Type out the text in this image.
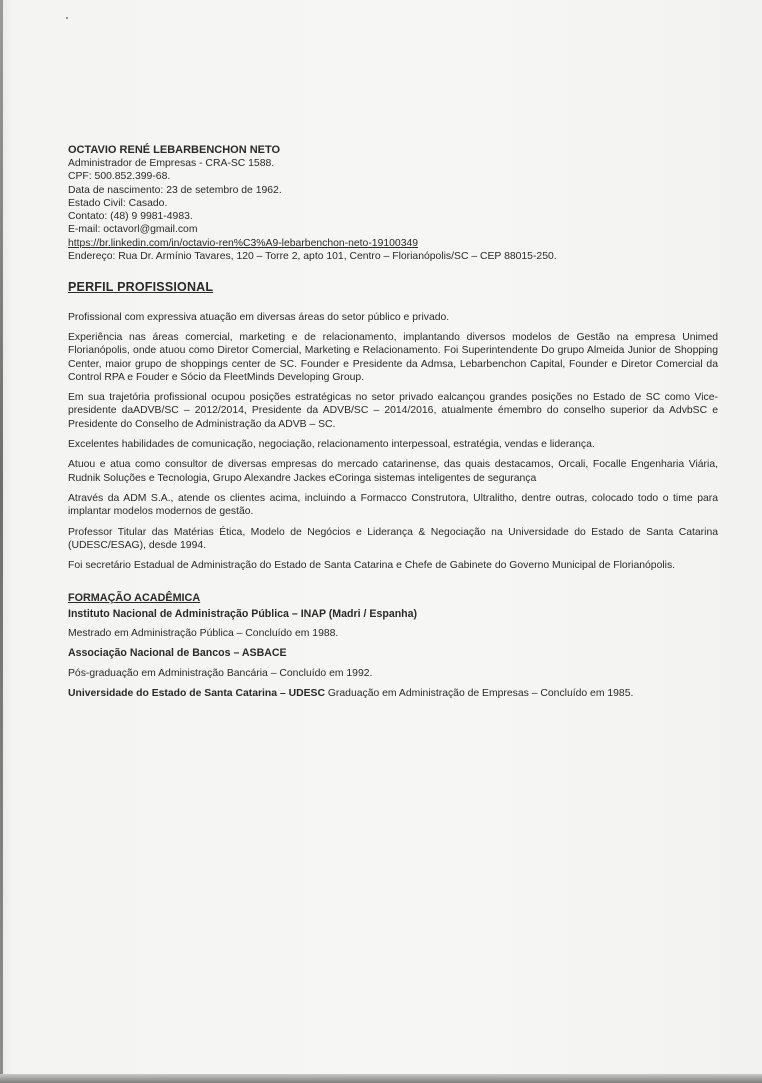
OCTAVIO RENÉ LEBARBENCHON NETO

Administrador de Empresas - CRA-SC 1588.

CPF: 500.852.399-68.

Data de nascimento: 23 de setembro de 1962.

Estado Civil: Casado.

Contato: (48) 9 9981-4983.

E-mail: octavorl@gmail.com

https://br.linkedin.com/in/octavio-ren%C3%A9-lebarbenchon-neto-19100349

Endereço: Rua Dr. Armínio Tavares, 120 – Torre 2, apto 101, Centro – Florianópolis/SC – CEP 88015-250.

PERFIL PROFISSIONAL

Profissional com expressiva atuação em diversas áreas do setor público e privado.

Experiência nas áreas comercial, marketing e de relacionamento, implantando diversos modelos de Gestão na empresa Unimed Florianópolis, onde atuou como Diretor Comercial, Marketing e Relacionamento. Foi Superintendente Do grupo Almeida Junior de Shopping Center, maior grupo de shoppings center de SC. Founder e Presidente da Admsa, Lebarbenchon Capital, Founder e Diretor Comercial da Control RPA e Fouder e Sócio da FleetMinds Developing Group.

Em sua trajetória profissional ocupou posições estratégicas no setor privado ealcançou grandes posições no Estado de SC como Vice-presidente daADVB/SC – 2012/2014, Presidente da ADVB/SC – 2014/2016, atualmente émembro do conselho superior da AdvbSC e Presidente do Conselho de Administração da ADVB – SC.

Excelentes habilidades de comunicação, negociação, relacionamento interpessoal, estratégia, vendas e liderança.

Atuou e atua como consultor de diversas empresas do mercado catarinense, das quais destacamos, Orcali, Focalle Engenharia Viária, Rudnik Soluções e Tecnologia, Grupo Alexandre Jackes eCoringa sistemas inteligentes de segurança

Através da ADM S.A., atende os clientes acima, incluindo a Formacco Construtora, Ultralitho, dentre outras, colocado todo o time para implantar modelos modernos de gestão.

Professor Titular das Matérias Ética, Modelo de Negócios e Liderança & Negociação na Universidade do Estado de Santa Catarina (UDESC/ESAG), desde 1994.

Foi secretário Estadual de Administração do Estado de Santa Catarina e Chefe de Gabinete do Governo Municipal de Florianópolis.

FORMAÇÃO ACADÊMICA

Instituto Nacional de Administração Pública – INAP (Madri / Espanha)

Mestrado em Administração Pública – Concluído em 1988.

Associação Nacional de Bancos – ASBACE

Pós-graduação em Administração Bancária – Concluído em 1992.

Universidade do Estado de Santa Catarina – UDESC Graduação em Administração de Empresas – Concluído em 1985.
